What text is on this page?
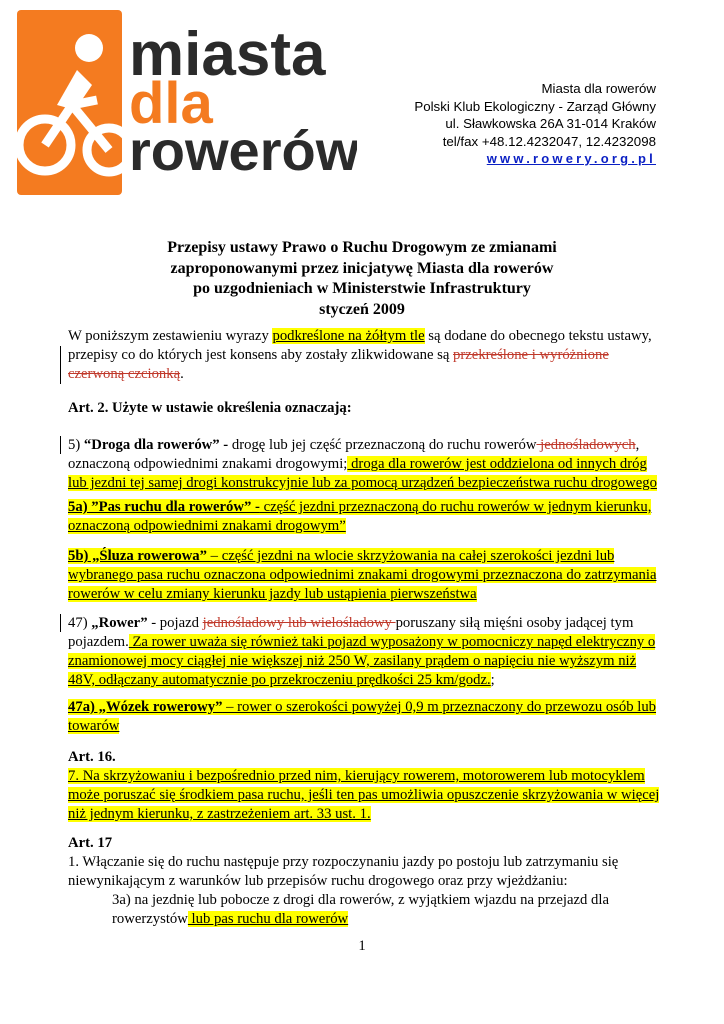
miasta
dla
rowerów
Miasta dla rowerów
Polski Klub Ekologiczny - Zarząd Główny
ul. Sławkowska 26A 31-014 Kraków
tel/fax +48.12.4232047, 12.4232098
www.rowery.org.pl
Przepisy ustawy Prawo o Ruchu Drogowym ze zmianami
zaproponowanymi przez inicjatywę Miasta dla rowerów
po uzgodnieniach w Ministerstwie Infrastruktury
styczeń 2009

W poniższym zestawieniu wyrazy podkreślone na żółtym tle są dodane do obecnego tekstu ustawy, przepisy co do których jest konsens aby zostały zlikwidowane są przekreślone i wyróżnione czerwoną czcionką.

Art. 2. Użyte w ustawie określenia oznaczają:

5) “Droga dla rowerów” - drogę lub jej część przeznaczoną do ruchu rowerów jednośladowych, oznaczoną odpowiednimi znakami drogowymi; droga dla rowerów jest oddzielona od innych dróg lub jezdni tej samej drogi konstrukcyjnie lub za pomocą urządzeń bezpieczeństwa ruchu drogowego

5a) ”Pas ruchu dla rowerów” - część jezdni przeznaczoną do ruchu rowerów w jednym kierunku, oznaczoną odpowiednimi znakami drogowym”

5b) „Śluza rowerowa” – część jezdni na wlocie skrzyżowania na całej szerokości jezdni lub wybranego pasa ruchu oznaczona odpowiednimi znakami drogowymi przeznaczona do zatrzymania rowerów w celu zmiany kierunku jazdy lub ustąpienia pierwszeństwa

47) „Rower” - pojazd jednośladowy lub wielośladowy poruszany siłą mięśni osoby jadącej tym pojazdem. Za rower uważa się również taki pojazd wyposażony w pomocniczy napęd elektryczny o znamionowej mocy ciągłej nie większej niż 250 W, zasilany prądem o napięciu nie wyższym niż 48V, odłączany automatycznie po przekroczeniu prędkości 25 km/godz.;

47a) „Wózek rowerowy” – rower o szerokości powyżej 0,9 m przeznaczony do przewozu osób lub towarów

Art. 16.

7. Na skrzyżowaniu i bezpośrednio przed nim, kierujący rowerem, motorowerem lub motocyklem może poruszać się środkiem pasa ruchu, jeśli ten pas umożliwia opuszczenie skrzyżowania w więcej niż jednym kierunku, z zastrzeżeniem art. 33 ust. 1.

Art. 17
1. Włączanie się do ruchu następuje przy rozpoczynaniu jazdy po postoju lub zatrzymaniu się niewynikającym z warunków lub przepisów ruchu drogowego oraz przy wjeżdżaniu:

3a) na jezdnię lub pobocze z drogi dla rowerów, z wyjątkiem wjazdu na przejazd dla rowerzystów lub pas ruchu dla rowerów

1
